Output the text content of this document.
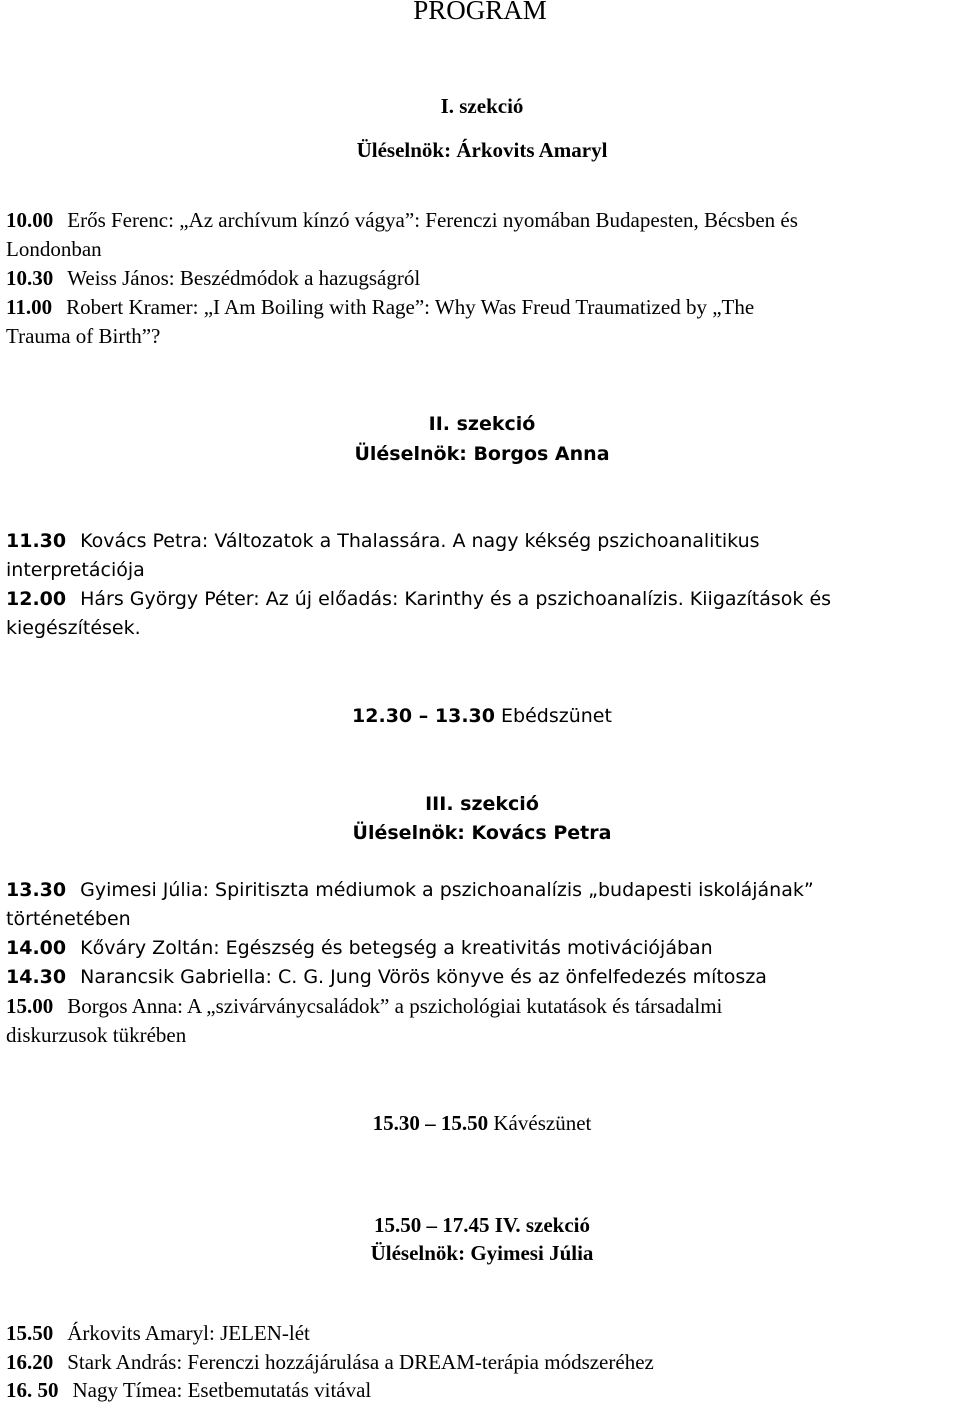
PROGRAM
I. szekció
Üléselnök: Árkovits Amaryl
10.00 Erős Ferenc: „Az archívum kínzó vágya”: Ferenczi nyomában Budapesten, Bécsben és
Londonban
10.30 Weiss János: Beszédmódok a hazugságról
11.00 Robert Kramer: „I Am Boiling with Rage”: Why Was Freud Traumatized by „The
Trauma of Birth”?
II. szekció
Üléselnök: Borgos Anna
11.30 Kovács Petra: Változatok a Thalassára. A nagy kékség pszichoanalitikus
interpretációja
12.00 Hárs György Péter: Az új előadás: Karinthy és a pszichoanalízis. Kiigazítások és
kiegészítések.
12.30 – 13.30 Ebédszünet
III. szekció
Üléselnök: Kovács Petra
13.30 Gyimesi Júlia: Spiritiszta médiumok a pszichoanalízis „budapesti iskolájának”
történetében
14.00 Kőváry Zoltán: Egészség és betegség a kreativitás motivációjában
14.30 Narancsik Gabriella: C. G. Jung Vörös könyve és az önfelfedezés mítosza
15.00 Borgos Anna: A „szivárványcsaládok” a pszichológiai kutatások és társadalmi
diskurzusok tükrében
15.30 – 15.50 Kávészünet
15.50 – 17.45 IV. szekció
Üléselnök: Gyimesi Júlia
15.50 Árkovits Amaryl: JELEN-lét
16.20 Stark András: Ferenczi hozzájárulása a DREAM-terápia módszeréhez
16. 50 Nagy Tímea: Esetbemutatás vitával
